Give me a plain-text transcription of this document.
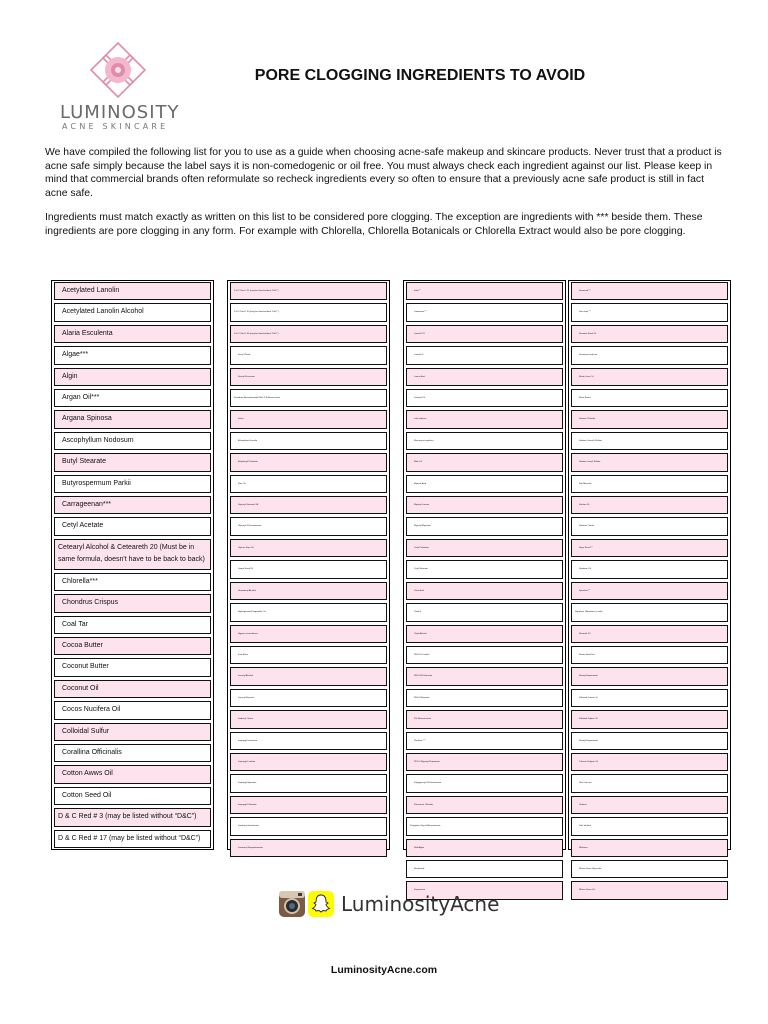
LUMINOSITY
ACNE SKINCARE
PORE CLOGGING INGREDIENTS TO AVOID

We have compiled the following list for you to use as a guide when choosing acne-safe makeup and skincare products. Never trust that a product is acne safe simply because the label says it is non-comedogenic or oil free. You must always check each ingredient against our list. Please keep in mind that commercial brands often reformulate so recheck ingredients every so often to ensure that a previously acne safe product is still in fact acne safe.

Ingredients must match exactly as written on this list to be considered pore clogging. The exception are ingredients with *** beside them. These ingredients are pore clogging in any form. For example with Chlorella, Chlorella Botanicals or Chlorella Extract would also be pore clogging.

Acetylated Lanolin
Acetylated Lanolin Alcohol
Alaria Esculenta
Algae***
Algin
Argan Oil***
Argana Spinosa
Ascophyllum Nodosum
Butyl Stearate
Butyrospermum Parkii
Carrageenan***
Cetyl Acetate
Cetearyl Alcohol & Ceteareth 20 (Must be in same formula, doesn't have to be back to back)
Chlorella***
Chondrus Crispus
Coal Tar
Cocoa Butter
Coconut Butter
Coconut Oil
Cocos Nucifera Oil
Colloidal Sulfur
Corallina Officinalis
Cotton Awws Oil
Cotton Seed Oil
D & C Red # 3 (may be listed without “D&C”)
D & C Red # 17 (may be listed without “D&C”)
D & C Red # 21 (may be listed without “D&C”)
D & C Red # 30 (may be listed without “D&C”)
D & C Red # 36 (may be listed without “D&C”)
Decyl Oleate
Dioctyl Succinate
Disodium Monooleamido PEG 2-Sulfosuccinate
Dulse
Ethoxylated Lanolin
Ethylhexyl Palmitate
Flax Oil
Glyceryl Stearate SE
Glyceryl-3-Diisostearate
Glycine Soja Oil
Grape Seed Oil
Hexadecyl Alcohol
Hydrogenated Vegetable Oil
Hypnea musciformis
Irish Moss
Isocetyl Alcohol
Isocetyl Stearate
Isodecyl Oleate
Isopropyl Isosterate
Isopropyl Linolate
Isopropyl Myristate
Isopropyl Palmitate
Isostearyl Isostearate
Isostearyl Neopentanoate
Kelp***
Lamimaria***
Laureth-23
Laureth-4
Lauric Acid
Linseed Oil
Lola implexa
Macrocystis pyrifera
Mink Oil
Myristic Acid
Myristyl Lactate
Myristyl Myristate
Octyl Palmitate
Octyl Stearate
Oleic Acid
Oleth-3
Oleyl Alcohol
PEG 16 Lanolin
PEG 200 Dilaurate
PEG 8 Stearate
PG Monostearate
Plankton ***
PPG 2 Myristyl Propionate
Polyglyceryl-3-Diisostearate
Potassium Chloride
Propylene Glycol Monostearate
Red Algae
Rockweed
Sargassum
Seaweed***
Sea whip***
Sesame Seed Oil
Sesamum Indicum
Shark Liver Oil
Shea Butter
Sodium Chloride
Sodium Laureth Sulfate
Sodium Lauryl Sulfate
Soil Minerals
Solulan 16
Sorbitan Oleate
Soya Sterol***
Soybean Oil
Spirulina***
Squalene (Squalane is safe)
Steareth 10
Stearic Acid Tea
Stearyl Heptanoate
Sulfated Castor Oil
Sulfated Jojoba Oil
Stearyl Heptanoate
Triticum Vulgare Oil
Ulva Lactuca
Undaria
Vitis Vinifera
Wakame
Wheat Germ Glyceride
Wheat Germ Oil
LuminosityAcne
LuminosityAcne.com
